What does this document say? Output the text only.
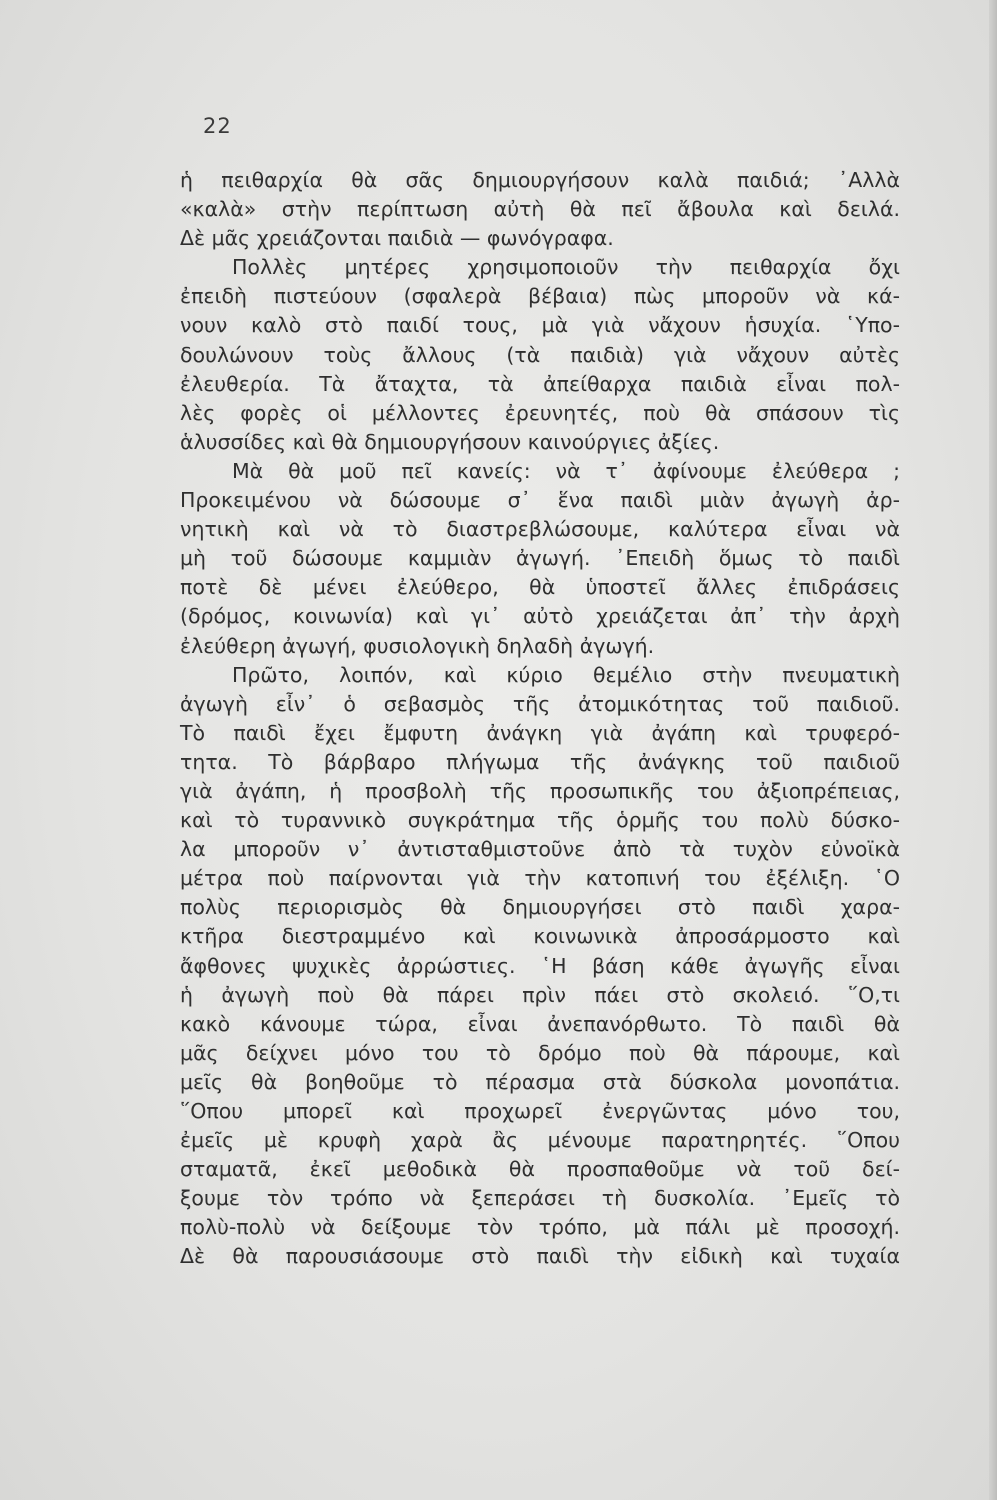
22
ἡ πειθαρχία θὰ σᾶς δημιουργήσουν καλὰ παιδιά; ᾿Αλλὰ
«καλὰ» στὴν περίπτωση αὐτὴ θὰ πεῖ ἄβουλα καὶ δειλά.
Δὲ μᾶς χρειάζονται παιδιὰ — φωνόγραφα.
Πολλὲς μητέρες χρησιμοποιοῦν τὴν πειθαρχία ὄχι
ἐπειδὴ πιστεύουν (σφαλερὰ βέβαια) πὼς μποροῦν νὰ κά-
νουν καλὸ στὸ παιδί τους, μὰ γιὰ νἄχουν ἡσυχία. ῾Υπο-
δουλώνουν τοὺς ἄλλους (τὰ παιδιὰ) γιὰ νἄχουν αὐτὲς
ἐλευθερία. Τὰ ἄταχτα, τὰ ἀπείθαρχα παιδιὰ εἶναι πολ-
λὲς φορὲς οἱ μέλλοντες ἐρευνητές, ποὺ θὰ σπάσουν τὶς
ἁλυσσίδες καὶ θὰ δημιουργήσουν καινούργιες ἀξίες.
Μὰ θὰ μοῦ πεῖ κανείς: νὰ τ᾿ ἀφίνουμε ἐλεύθερα ;
Προκειμένου νὰ δώσουμε σ᾿ ἕνα παιδὶ μιὰν ἀγωγὴ ἀρ-
νητικὴ καὶ νὰ τὸ διαστρεβλώσουμε, καλύτερα εἶναι νὰ
μὴ τοῦ δώσουμε καμμιὰν ἀγωγή. ᾿Επειδὴ ὅμως τὸ παιδὶ
ποτὲ δὲ μένει ἐλεύθερο, θὰ ὑποστεῖ ἄλλες ἐπιδράσεις
(δρόμος, κοινωνία) καὶ γι᾿ αὐτὸ χρειάζεται ἀπ᾿ τὴν ἀρχὴ
ἐλεύθερη ἀγωγή, φυσιολογικὴ δηλαδὴ ἀγωγή.
Πρῶτο, λοιπόν, καὶ κύριο θεμέλιο στὴν πνευματικὴ
ἀγωγὴ εἶν᾿ ὁ σεβασμὸς τῆς ἀτομικότητας τοῦ παιδιοῦ.
Τὸ παιδὶ ἔχει ἔμφυτη ἀνάγκη γιὰ ἀγάπη καὶ τρυφερό-
τητα. Τὸ βάρβαρο πλήγωμα τῆς ἀνάγκης τοῦ παιδιοῦ
γιὰ ἀγάπη, ἡ προσβολὴ τῆς προσωπικῆς του ἀξιοπρέπειας,
καὶ τὸ τυραννικὸ συγκράτημα τῆς ὁρμῆς του πολὺ δύσκο-
λα μποροῦν ν᾿ ἀντισταθμιστοῦνε ἀπὸ τὰ τυχὸν εὐνοϊκὰ
μέτρα ποὺ παίρνονται γιὰ τὴν κατοπινή του ἐξέλιξη. ῾Ο
πολὺς περιορισμὸς θὰ δημιουργήσει στὸ παιδὶ χαρα-
κτῆρα διεστραμμένο καὶ κοινωνικὰ ἀπροσάρμοστο καὶ
ἄφθονες ψυχικὲς ἀρρώστιες. ῾Η βάση κάθε ἀγωγῆς εἶναι
ἡ ἀγωγὴ ποὺ θὰ πάρει πρὶν πάει στὸ σκολειό. ῞Ο,τι
κακὸ κάνουμε τώρα, εἶναι ἀνεπανόρθωτο. Τὸ παιδὶ θὰ
μᾶς δείχνει μόνο του τὸ δρόμο ποὺ θὰ πάρουμε, καὶ
μεῖς θὰ βοηθοῦμε τὸ πέρασμα στὰ δύσκολα μονοπάτια.
῞Οπου μπορεῖ καὶ προχωρεῖ ἐνεργῶντας μόνο του,
ἐμεῖς μὲ κρυφὴ χαρὰ ἂς μένουμε παρατηρητές. ῞Οπου
σταματᾶ, ἐκεῖ μεθοδικὰ θὰ προσπαθοῦμε νὰ τοῦ δεί-
ξουμε τὸν τρόπο νὰ ξεπεράσει τὴ δυσκολία. ᾿Εμεῖς τὸ
πολὺ-πολὺ νὰ δείξουμε τὸν τρόπο, μὰ πάλι μὲ προσοχή.
Δὲ θὰ παρουσιάσουμε στὸ παιδὶ τὴν εἰδικὴ καὶ τυχαία
